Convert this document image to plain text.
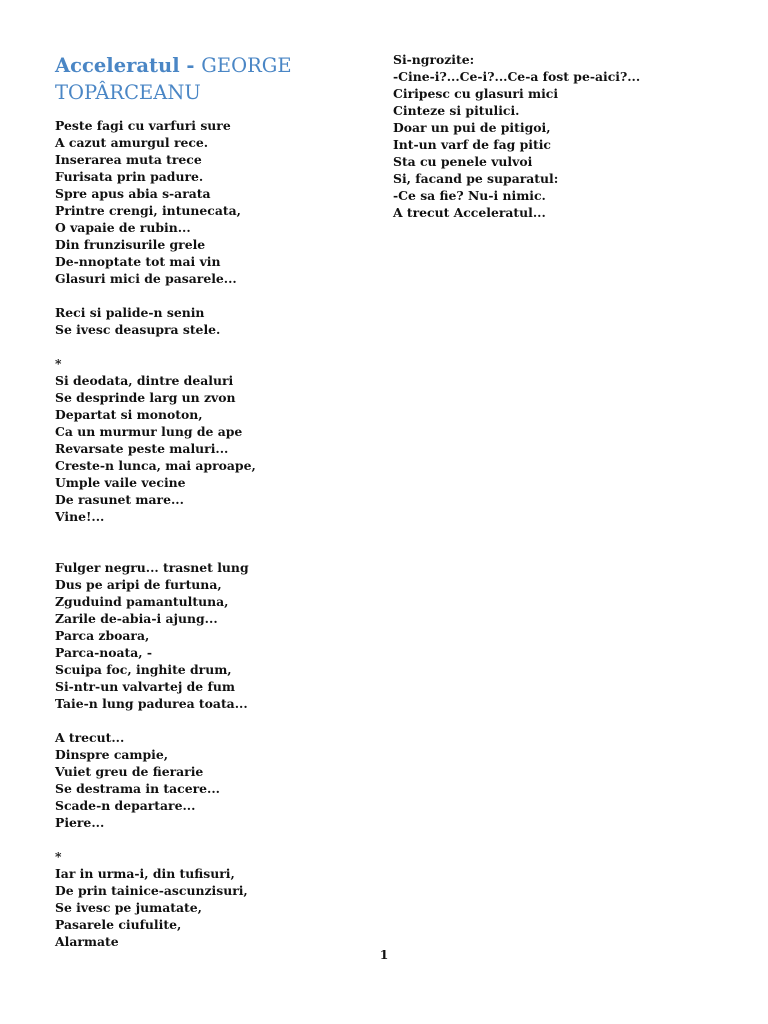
Acceleratul - GEORGE TOPÂRCEANU
Peste fagi cu varfuri sure
A cazut amurgul rece.
Inserarea muta trece
Furisata prin padure.
Spre apus abia s-arata
Printre crengi, intunecata,
O vapaie de rubin...
Din frunzisurile grele
De-nnoptate tot mai vin
Glasuri mici de pasarele...
Reci si palide-n senin
Se ivesc deasupra stele.
*
Si deodata, dintre dealuri
Se desprinde larg un zvon
Departat si monoton,
Ca un murmur lung de ape
Revarsate peste maluri...
Creste-n lunca, mai aproape,
Umple vaile vecine
De rasunet mare...
Vine!...
Fulger negru... trasnet lung
Dus pe aripi de furtuna,
Zguduind pamantultuna,
Zarile de-abia-i ajung...
Parca zboara,
Parca-noata, -
Scuipa foc, inghite drum,
Si-ntr-un valvartej de fum
Taie-n lung padurea toata...
A trecut...
Dinspre campie,
Vuiet greu de fierarie
Se destrama in tacere...
Scade-n departare...
Piere...
*
Iar in urma-i, din tufisuri,
De prin tainice-ascunzisuri,
Se ivesc pe jumatate,
Pasarele ciufulite,
Alarmate
Si-ngrozite:
-Cine-i?...Ce-i?...Ce-a fost pe-aici?...
Ciripesc cu glasuri mici
Cinteze si pitulici.
Doar un pui de pitigoi,
Int-un varf de fag pitic
Sta cu penele vulvoi
Si, facand pe suparatul:
-Ce sa fie? Nu-i nimic.
A trecut Acceleratul...
1
